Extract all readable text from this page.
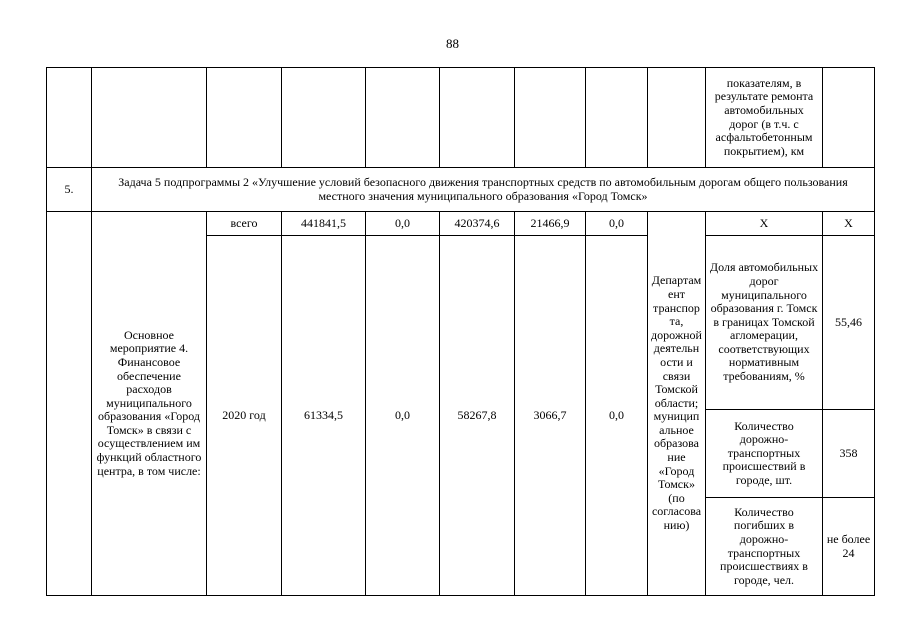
88
									показателям, в результате ремонта автомобильных дорог (в т.ч. с асфальтобетонным покрытием), км	
5.	Задача 5 подпрограммы 2 «Улучшение условий безопасного движения транспортных средств по автомобильным дорогам общего пользования местного значения муниципального образования «Город Томск»									
	Основное мероприятие 4. Финансовое обеспечение расходов муниципального образования «Город Томск» в связи с осуществлением им функций областного центра, в том числе:	всего	441841,5	0,0	420374,6	21466,9	0,0	Департамент транспорта, дорожной деятельности и связи Томской области; муниципальное образование «Город Томск» (по согласованию)	Х	Х
		2020 год	61334,5	0,0	58267,8	3066,7	0,0		Доля автомобильных дорог муниципального образования г. Томск в границах Томской агломерации, соответствующих нормативным требованиям, %	55,46
									Количество дорожно-транспортных происшествий в городе, шт.	358
									Количество погибших в дорожно-транспортных происшествиях в городе, чел.	не более 24
